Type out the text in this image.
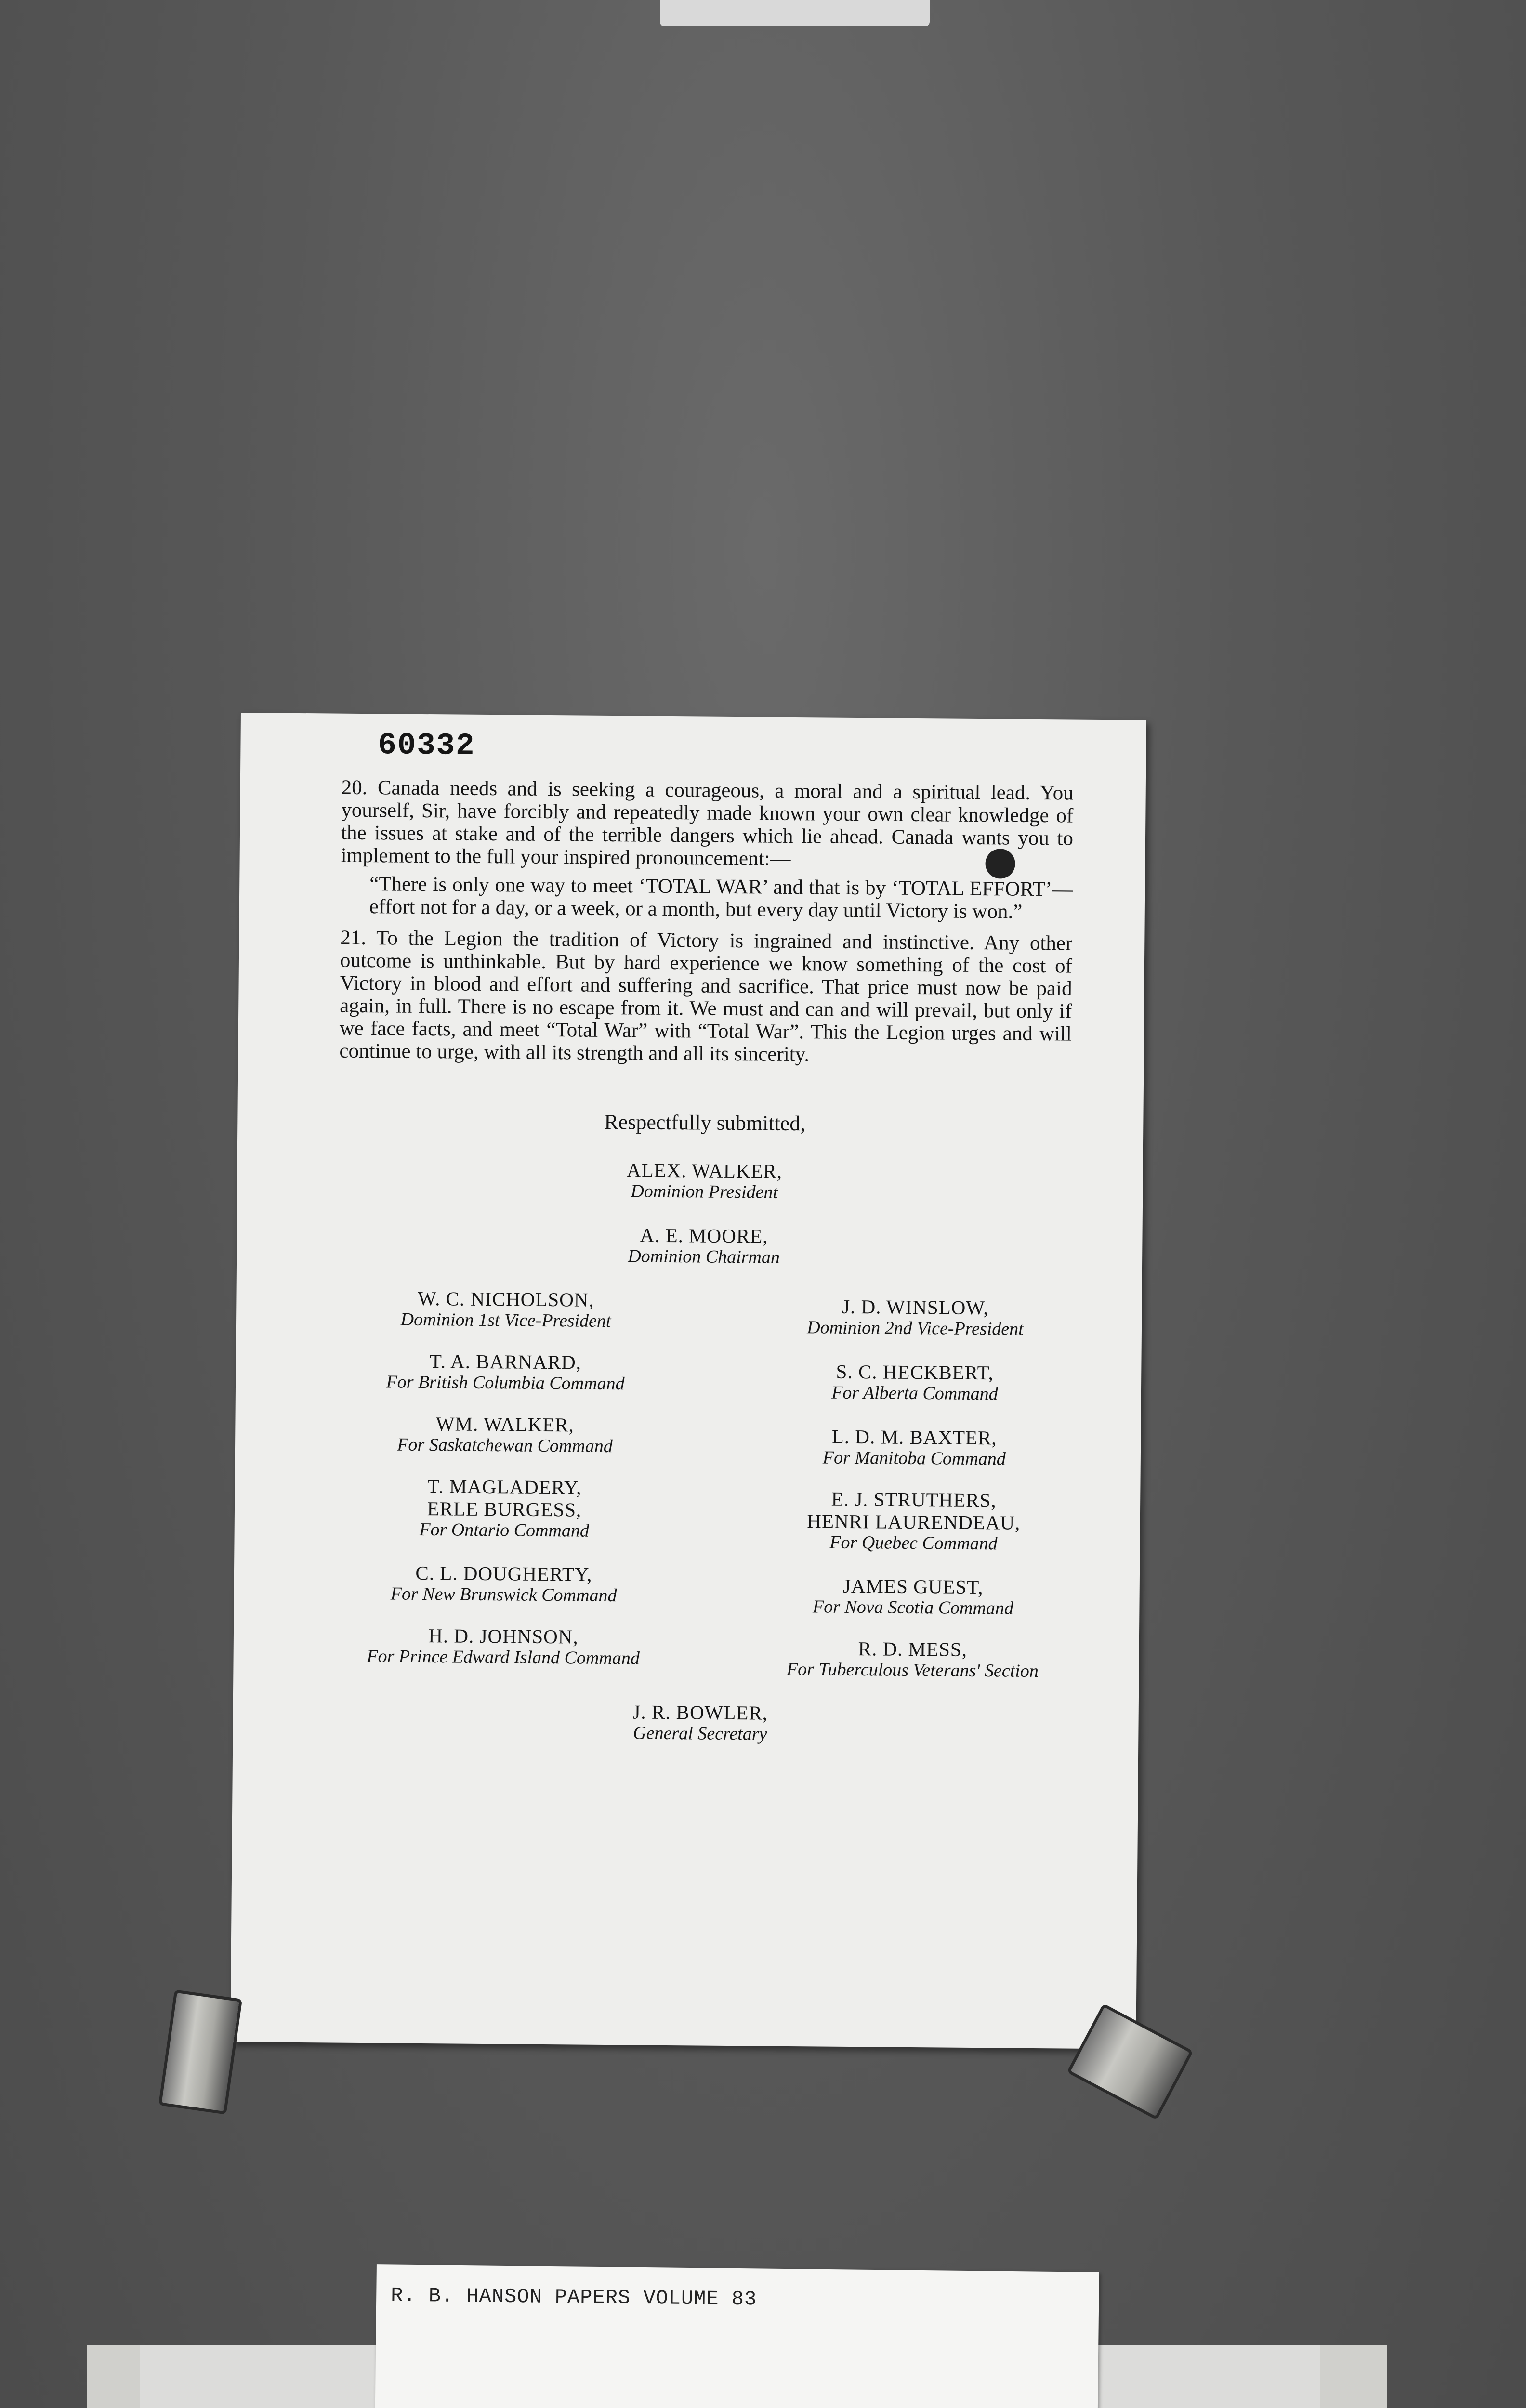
60332

20. Canada needs and is seeking a courageous, a moral and a spiritual lead. You yourself, Sir, have forcibly and repeatedly made known your own clear knowledge of the issues at stake and of the terrible dangers which lie ahead. Canada wants you to implement to the full your inspired pronouncement:—

“There is only one way to meet ‘TOTAL WAR’ and that is by ‘TOTAL EFFORT’—effort not for a day, or a week, or a month, but every day until Victory is won.”

21. To the Legion the tradition of Victory is ingrained and instinctive. Any other outcome is unthinkable. But by hard experience we know something of the cost of Victory in blood and effort and suffering and sacrifice. That price must now be paid again, in full. There is no escape from it. We must and can and will prevail, but only if we face facts, and meet “Total War” with “Total War”. This the Legion urges and will continue to urge, with all its strength and all its sincerity.

Respectfully submitted,
ALEX. WALKER,
Dominion President
A. E. MOORE,
Dominion Chairman
W. C. NICHOLSON,
Dominion 1st Vice-President
T. A. BARNARD,
For British Columbia Command
WM. WALKER,
For Saskatchewan Command
T. MAGLADERY,
ERLE BURGESS,
For Ontario Command
C. L. DOUGHERTY,
For New Brunswick Command
H. D. JOHNSON,
For Prince Edward Island Command
J. D. WINSLOW,
Dominion 2nd Vice-President
S. C. HECKBERT,
For Alberta Command
L. D. M. BAXTER,
For Manitoba Command
E. J. STRUTHERS,
HENRI LAURENDEAU,
For Quebec Command
JAMES GUEST,
For Nova Scotia Command
R. D. MESS,
For Tuberculous Veterans' Section
J. R. BOWLER,
General Secretary
R. B. HANSON PAPERS VOLUME 83
